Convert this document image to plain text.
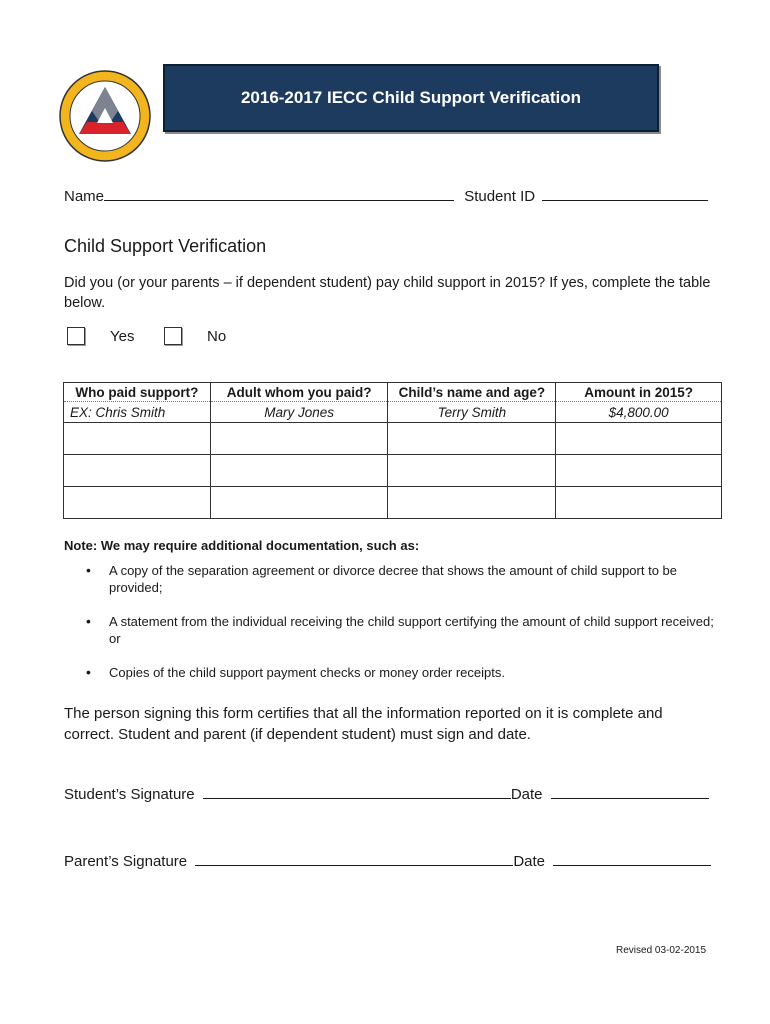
2016-2017 IECC Child Support Verification
Name	Student ID
Child Support Verification
Did you (or your parents – if dependent student) pay child support in 2015? If yes, complete the table below.
Yes	No
Who paid support?	Adult whom you paid?	Child’s name and age?	Amount in 2015?
EX: Chris Smith	Mary Jones	Terry Smith	$4,800.00

Note: We may require additional documentation, such as:
• A copy of the separation agreement or divorce decree that shows the amount of child support to be provided;
• A statement from the individual receiving the child support certifying the amount of child support received; or
• Copies of the child support payment checks or money order receipts.
The person signing this form certifies that all the information reported on it is complete and correct. Student and parent (if dependent student) must sign and date.
Student’s Signature	Date
Parent’s Signature	Date
Revised 03-02-2015
